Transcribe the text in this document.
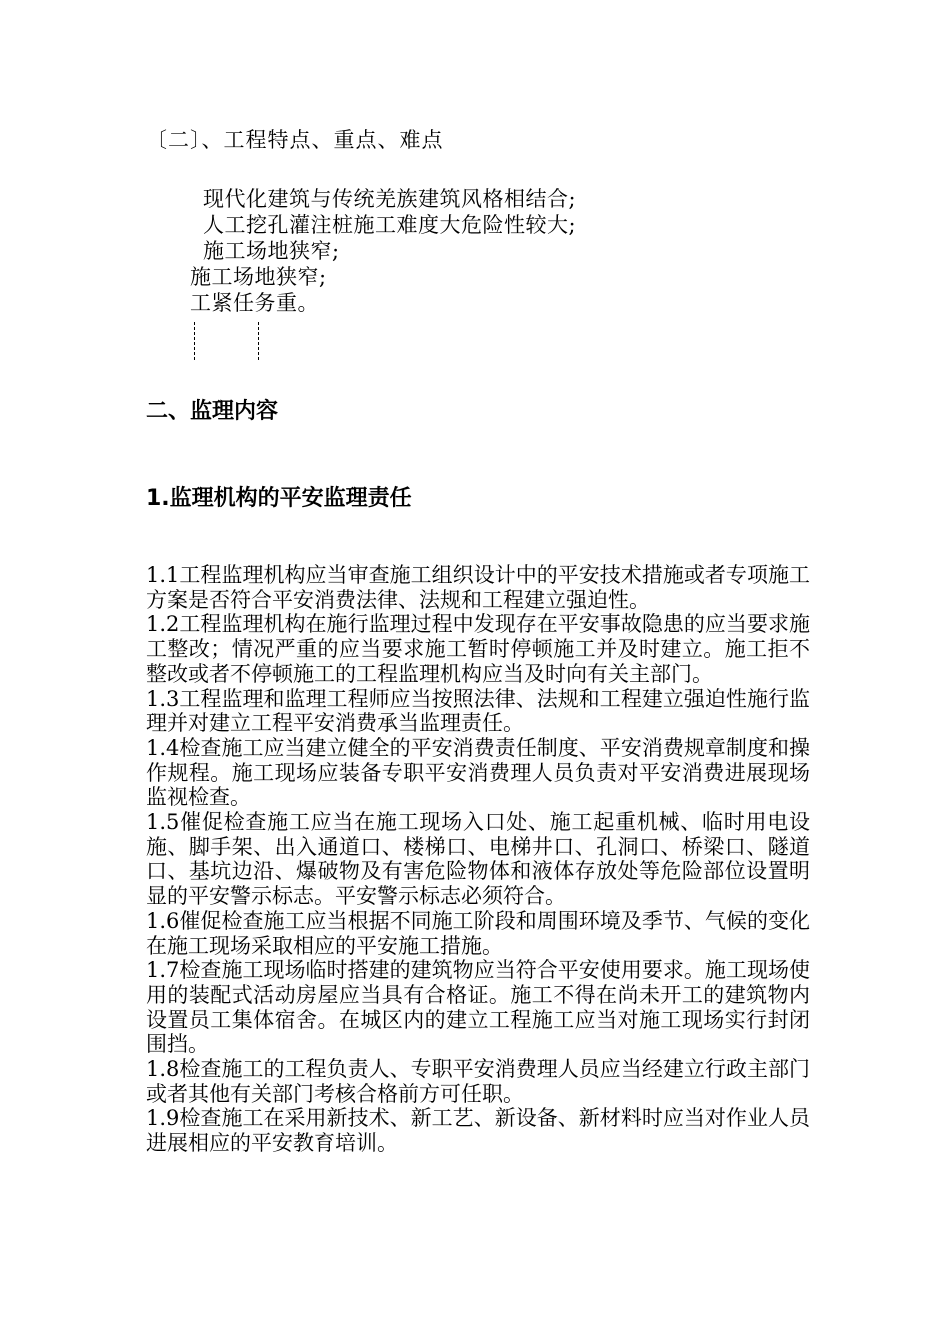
〔二〕、工程特点、重点、难点
现代化建筑与传统羌族建筑风格相结合;
人工挖孔灌注桩施工难度大危险性较大;
施工场地狭窄;
施工场地狭窄;
工紧任务重。
二、监理内容
1.监理机构的平安监理责任

1.1工程监理机构应当审查施工组织设计中的平安技术措施或者专项施工方案是否符合平安消费法律、法规和工程建立强迫性。

1.2工程监理机构在施行监理过程中发现存在平安事故隐患的应当要求施工整改；情况严重的应当要求施工暂时停顿施工并及时建立。施工拒不整改或者不停顿施工的工程监理机构应当及时向有关主部门。

1.3工程监理和监理工程师应当按照法律、法规和工程建立强迫性施行监理并对建立工程平安消费承当监理责任。

1.4检查施工应当建立健全的平安消费责任制度、平安消费规章制度和操作规程。施工现场应装备专职平安消费理人员负责对平安消费进展现场监视检查。

1.5催促检查施工应当在施工现场入口处、施工起重机械、临时用电设施、脚手架、出入通道口、楼梯口、电梯井口、孔洞口、桥梁口、隧道口、基坑边沿、爆破物及有害危险物体和液体存放处等危险部位设置明显的平安警示标志。平安警示标志必须符合。

1.6催促检查施工应当根据不同施工阶段和周围环境及季节、气候的变化在施工现场采取相应的平安施工措施。

1.7检查施工现场临时搭建的建筑物应当符合平安使用要求。施工现场使用的装配式活动房屋应当具有合格证。施工不得在尚未开工的建筑物内设置员工集体宿舍。在城区内的建立工程施工应当对施工现场实行封闭围挡。

1.8检查施工的工程负责人、专职平安消费理人员应当经建立行政主部门或者其他有关部门考核合格前方可任职。

1.9检查施工在采用新技术、新工艺、新设备、新材料时应当对作业人员进展相应的平安教育培训。
